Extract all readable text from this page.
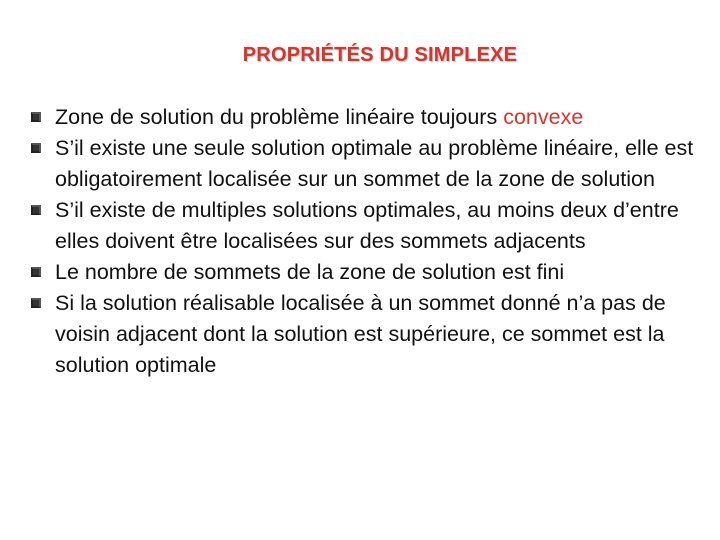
PROPRIÉTÉS DU SIMPLEXE
Zone de solution du problème linéaire toujours convexe
S’il existe une seule solution optimale au problème linéaire, elle est obligatoirement localisée sur un sommet de la zone de solution
S’il existe de multiples solutions optimales, au moins deux d’entre elles doivent être localisées sur des sommets adjacents
Le nombre de sommets de la zone de solution est fini
Si la solution réalisable localisée à un sommet donné n’a pas de voisin adjacent dont la solution est supérieure, ce sommet est la solution optimale
